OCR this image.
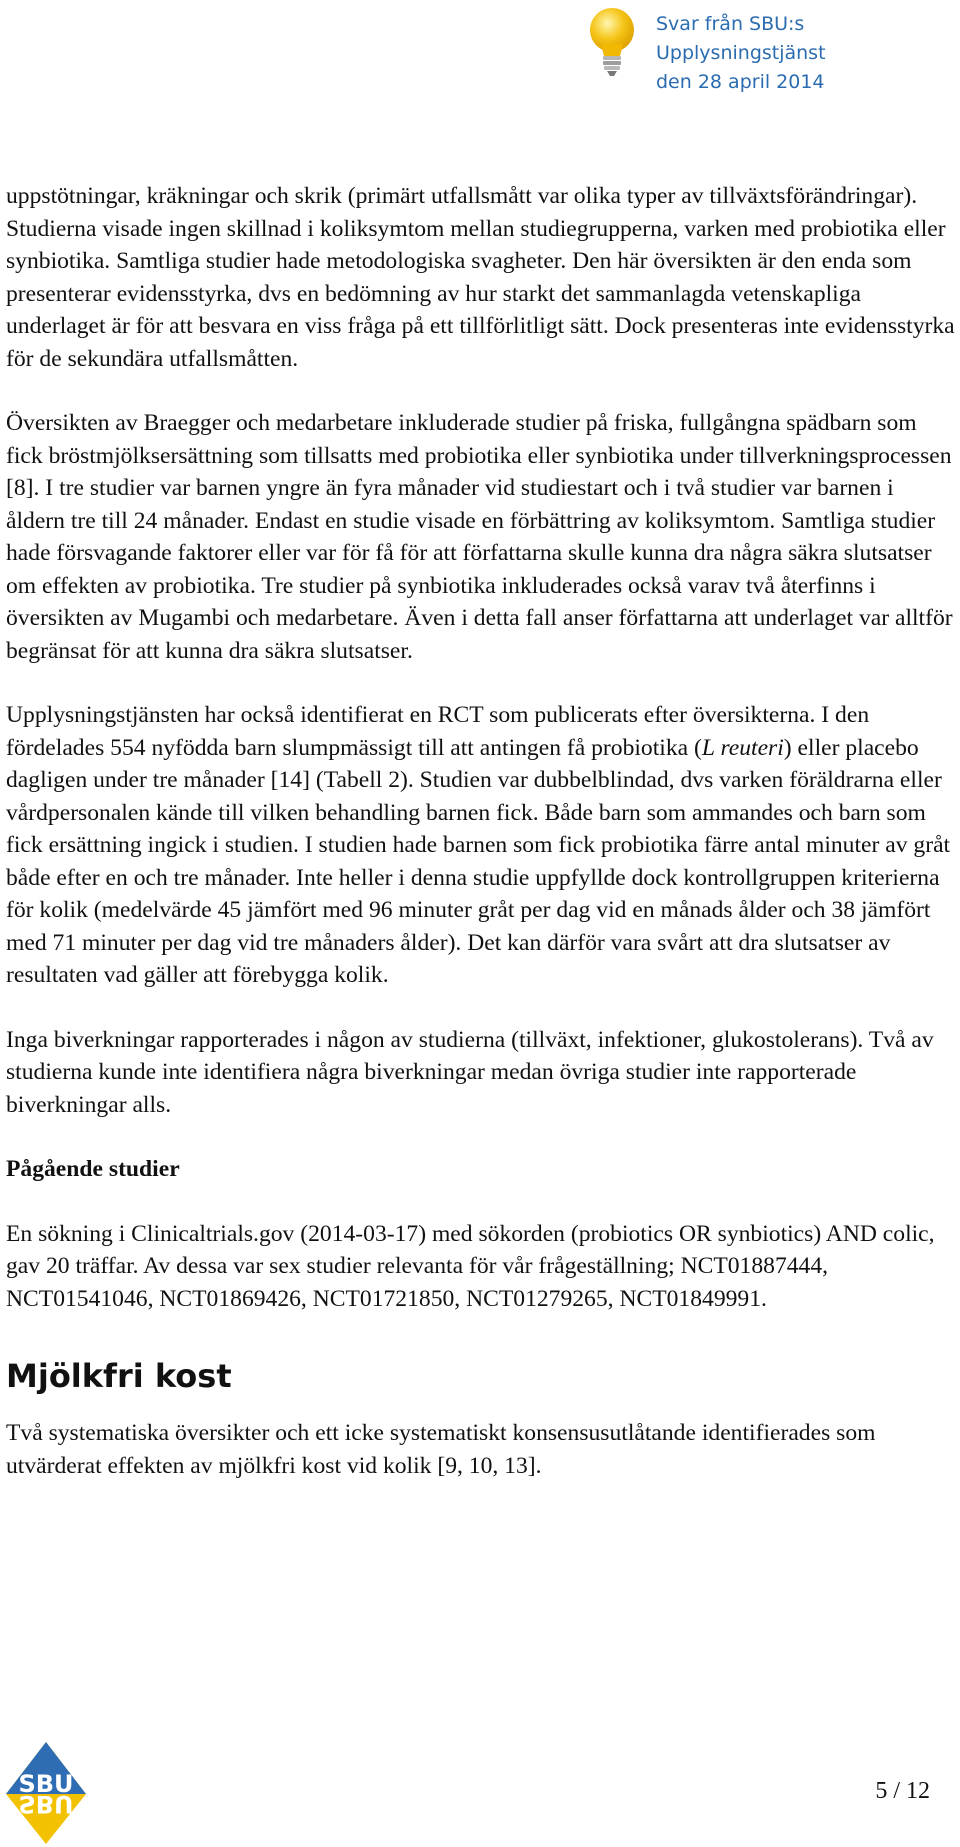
Svar från SBU:s Upplysningstjänst
den 28 april 2014

uppstötningar, kräkningar och skrik (primärt utfallsmått var olika typer av tillväxtsförändringar). Studierna visade ingen skillnad i koliksymtom mellan studiegrupperna, varken med probiotika eller synbiotika. Samtliga studier hade metodologiska svagheter. Den här översikten är den enda som presenterar evidensstyrka, dvs en bedömning av hur starkt det sammanlagda vetenskapliga underlaget är för att besvara en viss fråga på ett tillförlitligt sätt. Dock presenteras inte evidensstyrka för de sekundära utfallsmåtten.

Översikten av Braegger och medarbetare inkluderade studier på friska, fullgångna spädbarn som fick bröstmjölksersättning som tillsatts med probiotika eller synbiotika under tillverkningsprocessen [8]. I tre studier var barnen yngre än fyra månader vid studiestart och i två studier var barnen i åldern tre till 24 månader. Endast en studie visade en förbättring av koliksymtom. Samtliga studier hade försvagande faktorer eller var för få för att författarna skulle kunna dra några säkra slutsatser om effekten av probiotika. Tre studier på synbiotika inkluderades också varav två återfinns i översikten av Mugambi och medarbetare. Även i detta fall anser författarna att underlaget var alltför begränsat för att kunna dra säkra slutsatser.

Upplysningstjänsten har också identifierat en RCT som publicerats efter översikterna. I den fördelades 554 nyfödda barn slumpmässigt till att antingen få probiotika (L reuteri) eller placebo dagligen under tre månader [14] (Tabell 2). Studien var dubbelblindad, dvs varken föräldrarna eller vårdpersonalen kände till vilken behandling barnen fick. Både barn som ammandes och barn som fick ersättning ingick i studien. I studien hade barnen som fick probiotika färre antal minuter av gråt både efter en och tre månader. Inte heller i denna studie uppfyllde dock kontrollgruppen kriterierna för kolik (medelvärde 45 jämfört med 96 minuter gråt per dag vid en månads ålder och 38 jämfört med 71 minuter per dag vid tre månaders ålder). Det kan därför vara svårt att dra slutsatser av resultaten vad gäller att förebygga kolik.

Inga biverkningar rapporterades i någon av studierna (tillväxt, infektioner, glukostolerans). Två av studierna kunde inte identifiera några biverkningar medan övriga studier inte rapporterade biverkningar alls.

Pågående studier

En sökning i Clinicaltrials.gov (2014-03-17) med sökorden (probiotics OR synbiotics) AND colic, gav 20 träffar. Av dessa var sex studier relevanta för vår frågeställning; NCT01887444, NCT01541046, NCT01869426, NCT01721850, NCT01279265, NCT01849991.

Mjölkfri kost

Två systematiska översikter och ett icke systematiskt konsensusutlåtande identifierades som utvärderat effekten av mjölkfri kost vid kolik [9, 10, 13].

SBU
SBU	5 / 12
